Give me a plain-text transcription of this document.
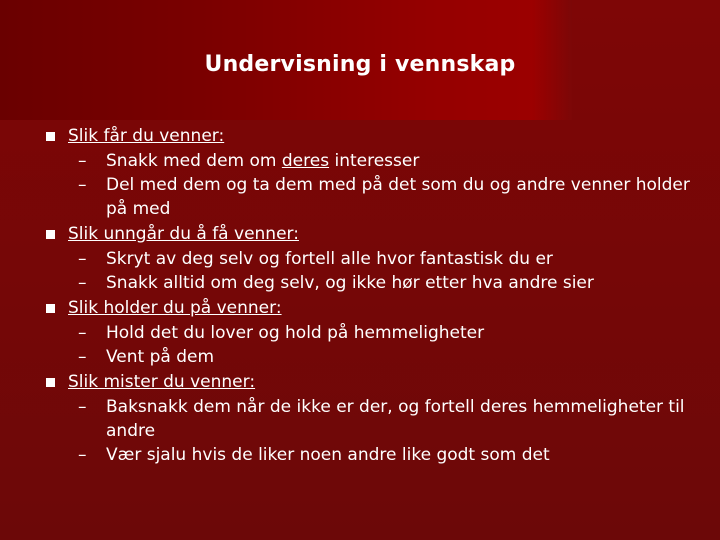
Undervisning i vennskap
Slik får du venner:
– Snakk med dem om deres interesser
– Del med dem og ta dem med på det som du og andre venner holder på med
Slik unngår du å få venner:
– Skryt av deg selv og fortell alle hvor fantastisk du er
– Snakk alltid om deg selv, og ikke hør etter hva andre sier
Slik holder du på venner:
– Hold det du lover og hold på hemmeligheter
– Vent på dem
Slik mister du venner:
– Baksnakk dem når de ikke er der, og fortell deres hemmeligheter til andre
– Vær sjalu hvis de liker noen andre like godt som det
